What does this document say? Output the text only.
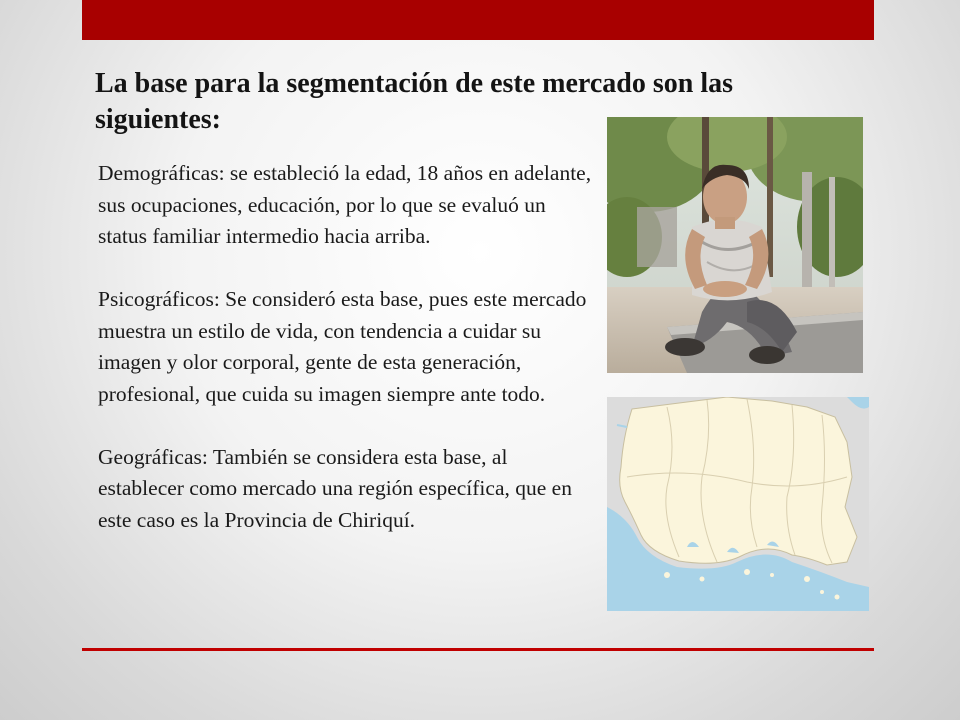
La base para la segmentación de este mercado son las siguientes:

Demográficas: se estableció la edad, 18 años en adelante, sus ocupaciones, educación, por lo que se evaluó un status familiar intermedio hacia arriba.

Psicográficos: Se consideró esta base, pues este mercado muestra un estilo de vida, con tendencia a cuidar su imagen y olor corporal, gente de esta generación, profesional, que cuida su imagen siempre ante todo.

Geográficas: También se considera esta base, al establecer como mercado una región específica, que en este caso es la Provincia de Chiriquí.
